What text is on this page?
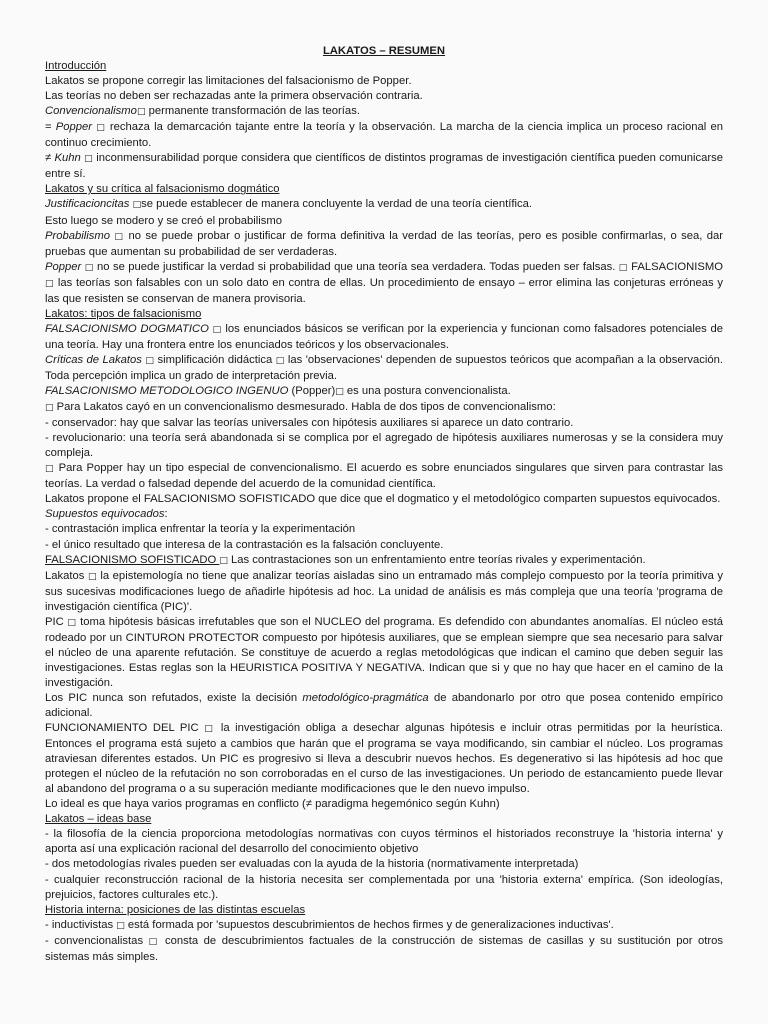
LAKATOS – RESUMEN
Introducción
Lakatos se propone corregir las limitaciones del falsacionismo de Popper.
Las teorías no deben ser rechazadas ante la primera observación contraria.
Convencionalismo□ permanente transformación de las teorías.
= Popper □ rechaza la demarcación tajante entre la teoría y la observación. La marcha de la ciencia implica un proceso racional en continuo crecimiento.
≠ Kuhn □ inconmensurabilidad porque considera que científicos de distintos programas de investigación científica pueden comunicarse entre sí.
Lakatos y su crítica al falsacionismo dogmático
Justificacioncitas □se puede establecer de manera concluyente la verdad de una teoría científica.
Esto luego se modero y se creó el probabilismo
Probabilismo □ no se puede probar o justificar de forma definitiva la verdad de las teorías, pero es posible confirmarlas, o sea, dar pruebas que aumentan su probabilidad de ser verdaderas.
Popper □ no se puede justificar la verdad si probabilidad que una teoría sea verdadera. Todas pueden ser falsas. □ FALSACIONISMO □ las teorías son falsables con un solo dato en contra de ellas. Un procedimiento de ensayo – error elimina las conjeturas erróneas y las que resisten se conservan de manera provisoria.
Lakatos: tipos de falsacionismo
FALSACIONISMO DOGMATICO □ los enunciados básicos se verifican por la experiencia y funcionan como falsadores potenciales de una teoría. Hay una frontera entre los enunciados teóricos y los observacionales.
Críticas de Lakatos □ simplificación didáctica □ las 'observaciones' dependen de supuestos teóricos que acompañan a la observación. Toda percepción implica un grado de interpretación previa.
FALSACIONISMO METODOLOGICO INGENUO (Popper)□ es una postura convencionalista.
□ Para Lakatos cayó en un convencionalismo desmesurado. Habla de dos tipos de convencionalismo:
- conservador: hay que salvar las teorías universales con hipótesis auxiliares si aparece un dato contrario.
- revolucionario: una teoría será abandonada si se complica por el agregado de hipótesis auxiliares numerosas y se la considera muy compleja.
□ Para Popper hay un tipo especial de convencionalismo. El acuerdo es sobre enunciados singulares que sirven para contrastar las teorías. La verdad o falsedad depende del acuerdo de la comunidad científica.
Lakatos propone el FALSACIONISMO SOFISTICADO que dice que el dogmatico y el metodológico comparten supuestos equivocados.
Supuestos equivocados:
- contrastación implica enfrentar la teoría y la experimentación
- el único resultado que interesa de la contrastación es la falsación concluyente.
FALSACIONISMO SOFISTICADO □ Las contrastaciones son un enfrentamiento entre teorías rivales y experimentación.
Lakatos □ la epistemología no tiene que analizar teorías aisladas sino un entramado más complejo compuesto por la teoría primitiva y sus sucesivas modificaciones luego de añadirle hipótesis ad hoc. La unidad de análisis es más compleja que una teoría 'programa de investigación científica (PIC)'.
PIC □ toma hipótesis básicas irrefutables que son el NUCLEO del programa. Es defendido con abundantes anomalías. El núcleo está rodeado por un CINTURON PROTECTOR compuesto por hipótesis auxiliares, que se emplean siempre que sea necesario para salvar el núcleo de una aparente refutación. Se constituye de acuerdo a reglas metodológicas que indican el camino que deben seguir las investigaciones. Estas reglas son la HEURISTICA POSITIVA Y NEGATIVA. Indican que si y que no hay que hacer en el camino de la investigación.
Los PIC nunca son refutados, existe la decisión metodológico-pragmática de abandonarlo por otro que posea contenido empírico adicional.
FUNCIONAMIENTO DEL PIC □ la investigación obliga a desechar algunas hipótesis e incluir otras permitidas por la heurística. Entonces el programa está sujeto a cambios que harán que el programa se vaya modificando, sin cambiar el núcleo. Los programas atraviesan diferentes estados. Un PIC es progresivo si lleva a descubrir nuevos hechos. Es degenerativo si las hipótesis ad hoc que protegen el núcleo de la refutación no son corroboradas en el curso de las investigaciones. Un periodo de estancamiento puede llevar al abandono del programa o a su superación mediante modificaciones que le den nuevo impulso.
Lo ideal es que haya varios programas en conflicto (≠ paradigma hegemónico según Kuhn)
Lakatos – ideas base
- la filosofía de la ciencia proporciona metodologías normativas con cuyos términos el historiados reconstruye la 'historia interna' y aporta así una explicación racional del desarrollo del conocimiento objetivo
- dos metodologías rivales pueden ser evaluadas con la ayuda de la historia (normativamente interpretada)
- cualquier reconstrucción racional de la historia necesita ser complementada por una 'historia externa' empírica. (Son ideologías, prejuicios, factores culturales etc.).
Historia interna: posiciones de las distintas escuelas
- inductivistas □ está formada por 'supuestos descubrimientos de hechos firmes y de generalizaciones inductivas'.
- convencionalistas □ consta de descubrimientos factuales de la construcción de sistemas de casillas y su sustitución por otros sistemas más simples.
